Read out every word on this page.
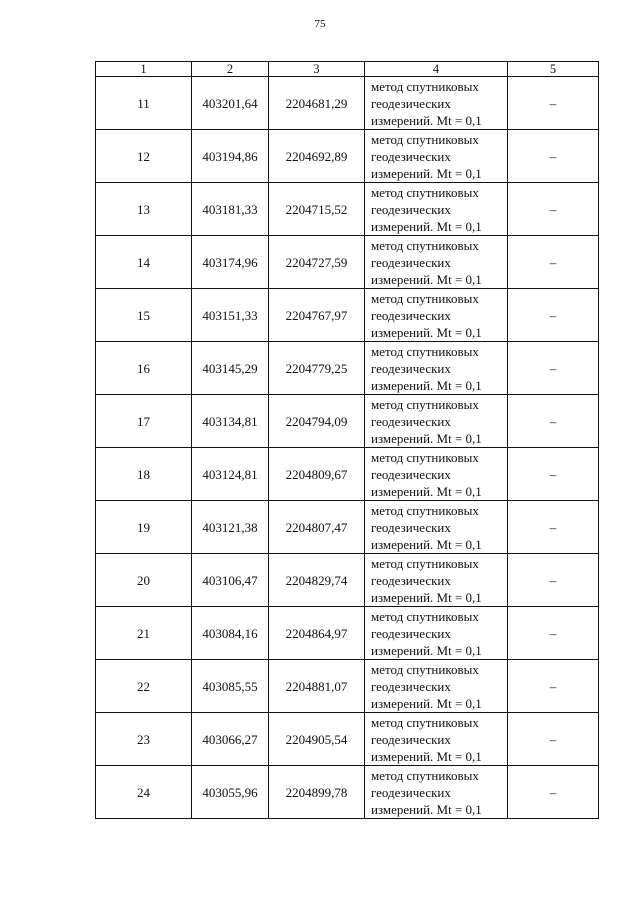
75
1	2	3	4	5
11	403201,64	2204681,29	метод спутниковых
геодезических
измерений. Mt = 0,1	–
12	403194,86	2204692,89	метод спутниковых
геодезических
измерений. Mt = 0,1	–
13	403181,33	2204715,52	метод спутниковых
геодезических
измерений. Mt = 0,1	–
14	403174,96	2204727,59	метод спутниковых
геодезических
измерений. Mt = 0,1	–
15	403151,33	2204767,97	метод спутниковых
геодезических
измерений. Mt = 0,1	–
16	403145,29	2204779,25	метод спутниковых
геодезических
измерений. Mt = 0,1	–
17	403134,81	2204794,09	метод спутниковых
геодезических
измерений. Mt = 0,1	–
18	403124,81	2204809,67	метод спутниковых
геодезических
измерений. Mt = 0,1	–
19	403121,38	2204807,47	метод спутниковых
геодезических
измерений. Mt = 0,1	–
20	403106,47	2204829,74	метод спутниковых
геодезических
измерений. Mt = 0,1	–
21	403084,16	2204864,97	метод спутниковых
геодезических
измерений. Mt = 0,1	–
22	403085,55	2204881,07	метод спутниковых
геодезических
измерений. Mt = 0,1	–
23	403066,27	2204905,54	метод спутниковых
геодезических
измерений. Mt = 0,1	–
24	403055,96	2204899,78	метод спутниковых
геодезических
измерений. Mt = 0,1	–
